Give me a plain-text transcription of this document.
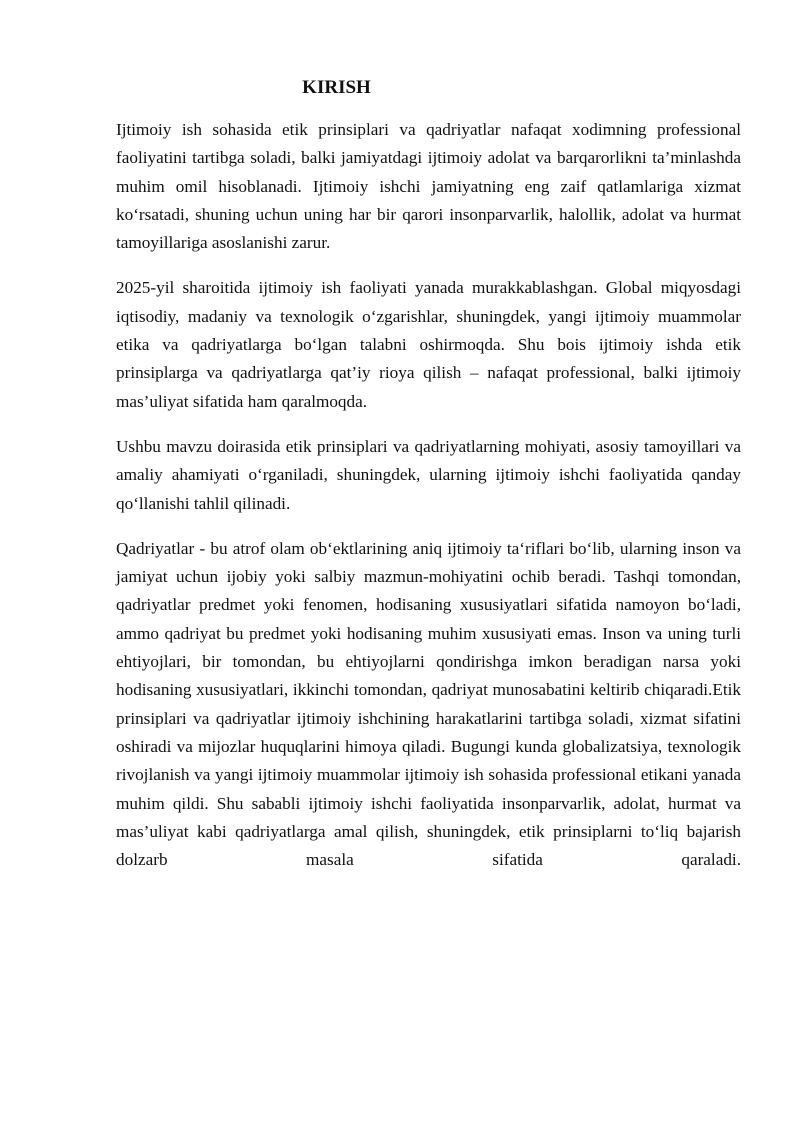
KIRISH

Ijtimoiy ish sohasida etik prinsiplari va qadriyatlar nafaqat xodimning professional faoliyatini tartibga soladi, balki jamiyatdagi ijtimoiy adolat va barqarorlikni ta’minlashda muhim omil hisoblanadi. Ijtimoiy ishchi jamiyatning eng zaif qatlamlariga xizmat ko‘rsatadi, shuning uchun uning har bir qarori insonparvarlik, halollik, adolat va hurmat tamoyillariga asoslanishi zarur.

2025-yil sharoitida ijtimoiy ish faoliyati yanada murakkablashgan. Global miqyosdagi iqtisodiy, madaniy va texnologik o‘zgarishlar, shuningdek, yangi ijtimoiy muammolar etika va qadriyatlarga bo‘lgan talabni oshirmoqda. Shu bois ijtimoiy ishda etik prinsiplarga va qadriyatlarga qat’iy rioya qilish – nafaqat professional, balki ijtimoiy mas’uliyat sifatida ham qaralmoqda.

Ushbu mavzu doirasida etik prinsiplari va qadriyatlarning mohiyati, asosiy tamoyillari va amaliy ahamiyati o‘rganiladi, shuningdek, ularning ijtimoiy ishchi faoliyatida qanday qo‘llanishi tahlil qilinadi.

Qadriyatlar - bu atrof olam ob‘ektlarining aniq ijtimoiy ta‘riflari bo‘lib, ularning inson va jamiyat uchun ijobiy yoki salbiy mazmun-mohiyatini ochib beradi. Tashqi tomondan, qadriyatlar predmet yoki fenomen, hodisaning xususiyatlari sifatida namoyon bo‘ladi, ammo qadriyat bu predmet yoki hodisaning muhim xususiyati emas. Inson va uning turli ehtiyojlari, bir tomondan, bu ehtiyojlarni qondirishga imkon beradigan narsa yoki hodisaning xususiyatlari, ikkinchi tomondan, qadriyat munosabatini keltirib chiqaradi.Etik prinsiplari va qadriyatlar ijtimoiy ishchining harakatlarini tartibga soladi, xizmat sifatini oshiradi va mijozlar huquqlarini himoya qiladi. Bugungi kunda globalizatsiya, texnologik rivojlanish va yangi ijtimoiy muammolar ijtimoiy ish sohasida professional etikani yanada muhim qildi. Shu sababli ijtimoiy ishchi faoliyatida insonparvarlik, adolat, hurmat va mas’uliyat kabi qadriyatlarga amal qilish, shuningdek, etik prinsiplarni to‘liq bajarish dolzarb masala sifatida qaraladi.
